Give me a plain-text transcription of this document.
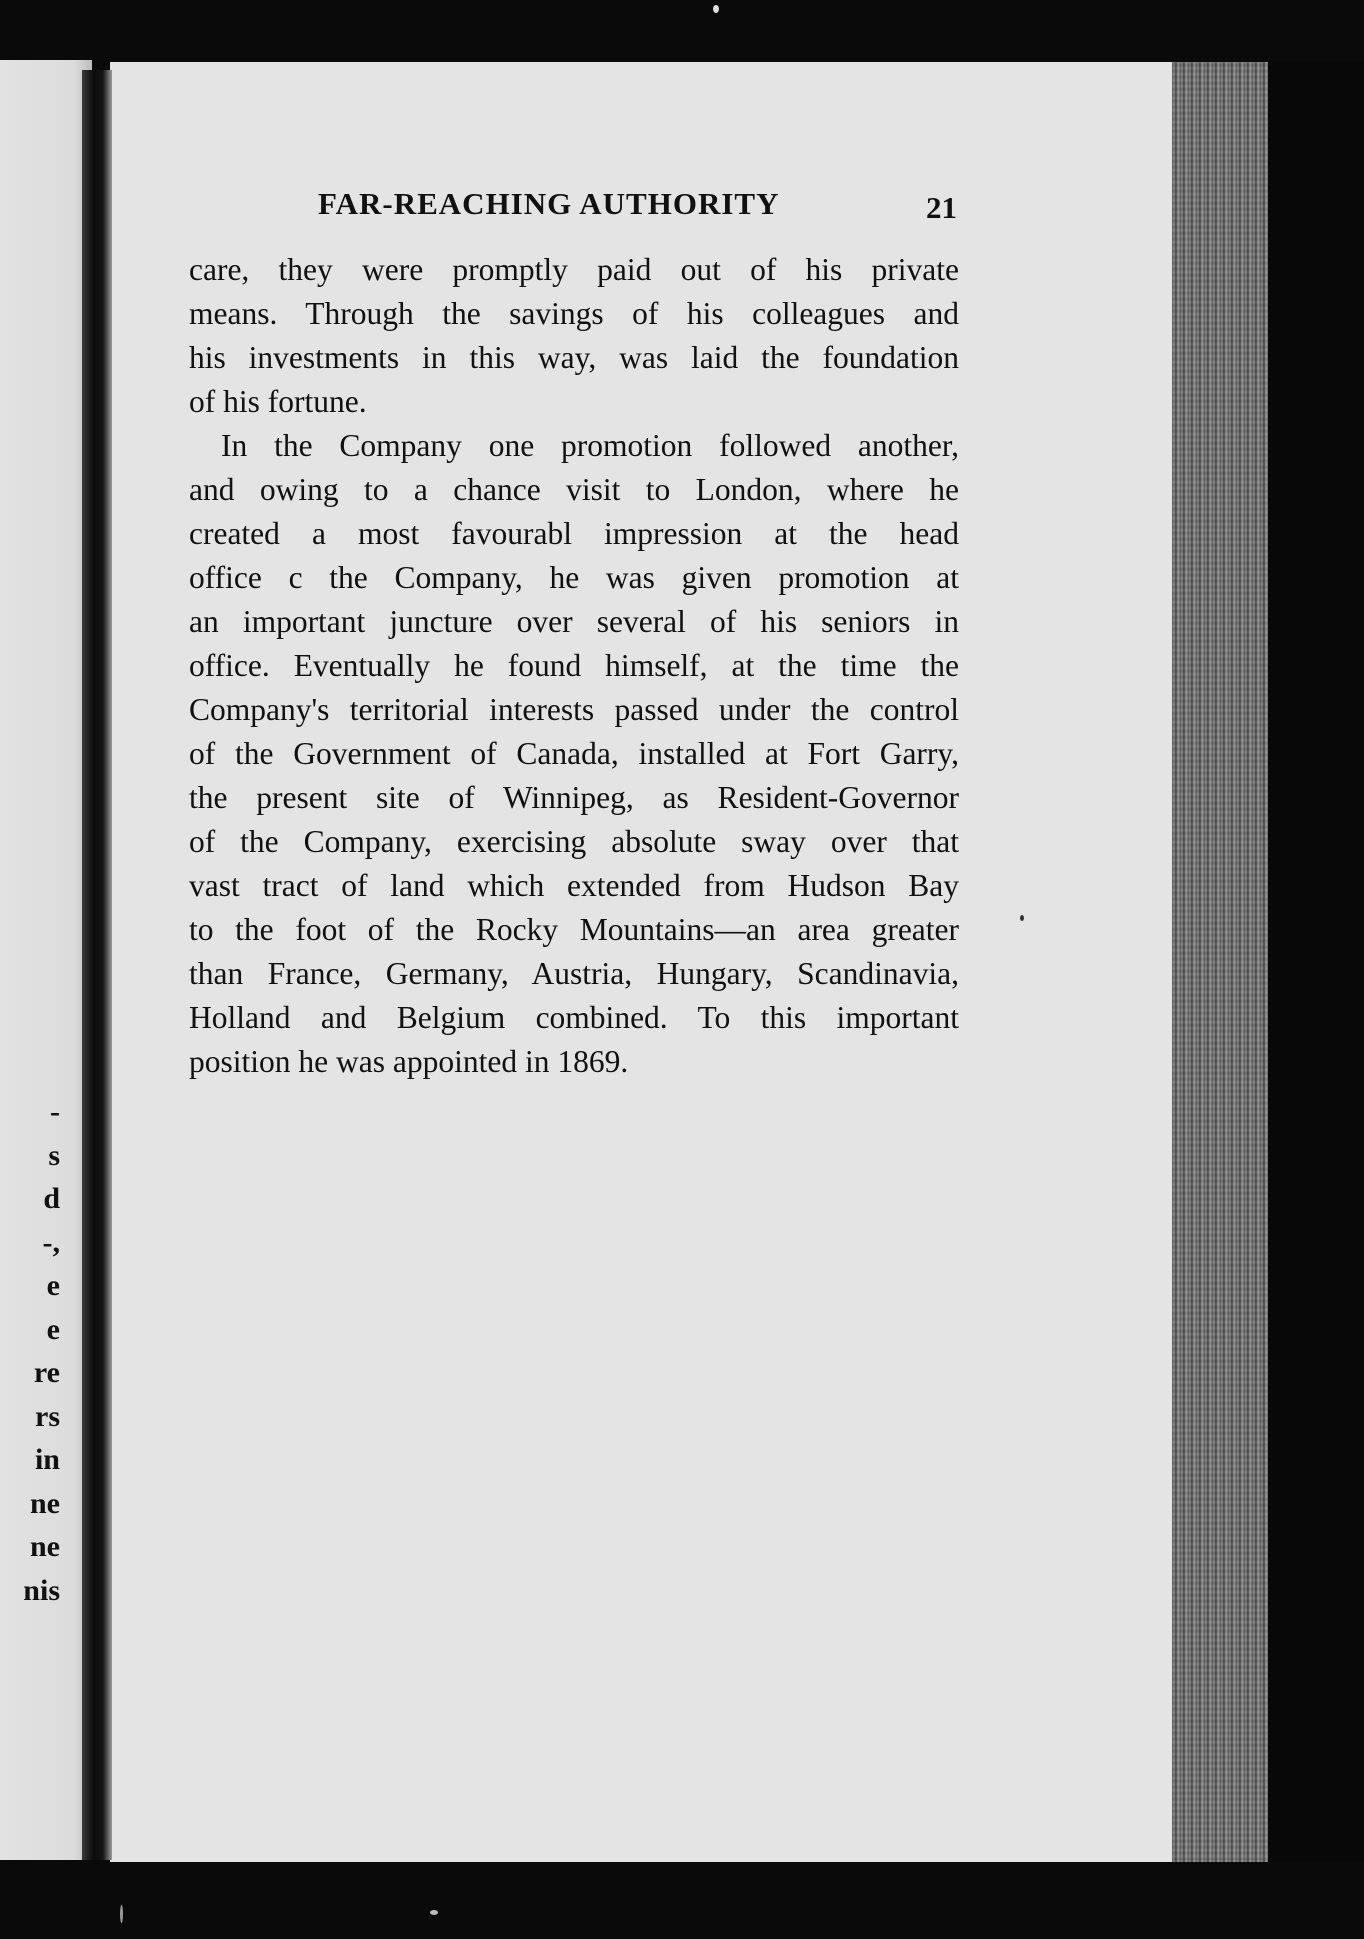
-
s
d
-,
e
e
re
rs
in
ne
ne
nis
FAR-REACHING AUTHORITY	21
care, they were promptly paid out of his private
means. Through the savings of his colleagues and
his investments in this way, was laid the foundation
of his fortune.
In the Company one promotion followed another,
and owing to a chance visit to London, where he
created a most favourabl impression at the head
office c the Company, he was given promotion at
an important juncture over several of his seniors in
office. Eventually he found himself, at the time the
Company's territorial interests passed under the control
of the Government of Canada, installed at Fort Garry,
the present site of Winnipeg, as Resident-Governor
of the Company, exercising absolute sway over that
vast tract of land which extended from Hudson Bay
to the foot of the Rocky Mountains—an area greater
than France, Germany, Austria, Hungary, Scandinavia,
Holland and Belgium combined. To this important
position he was appointed in 1869.
